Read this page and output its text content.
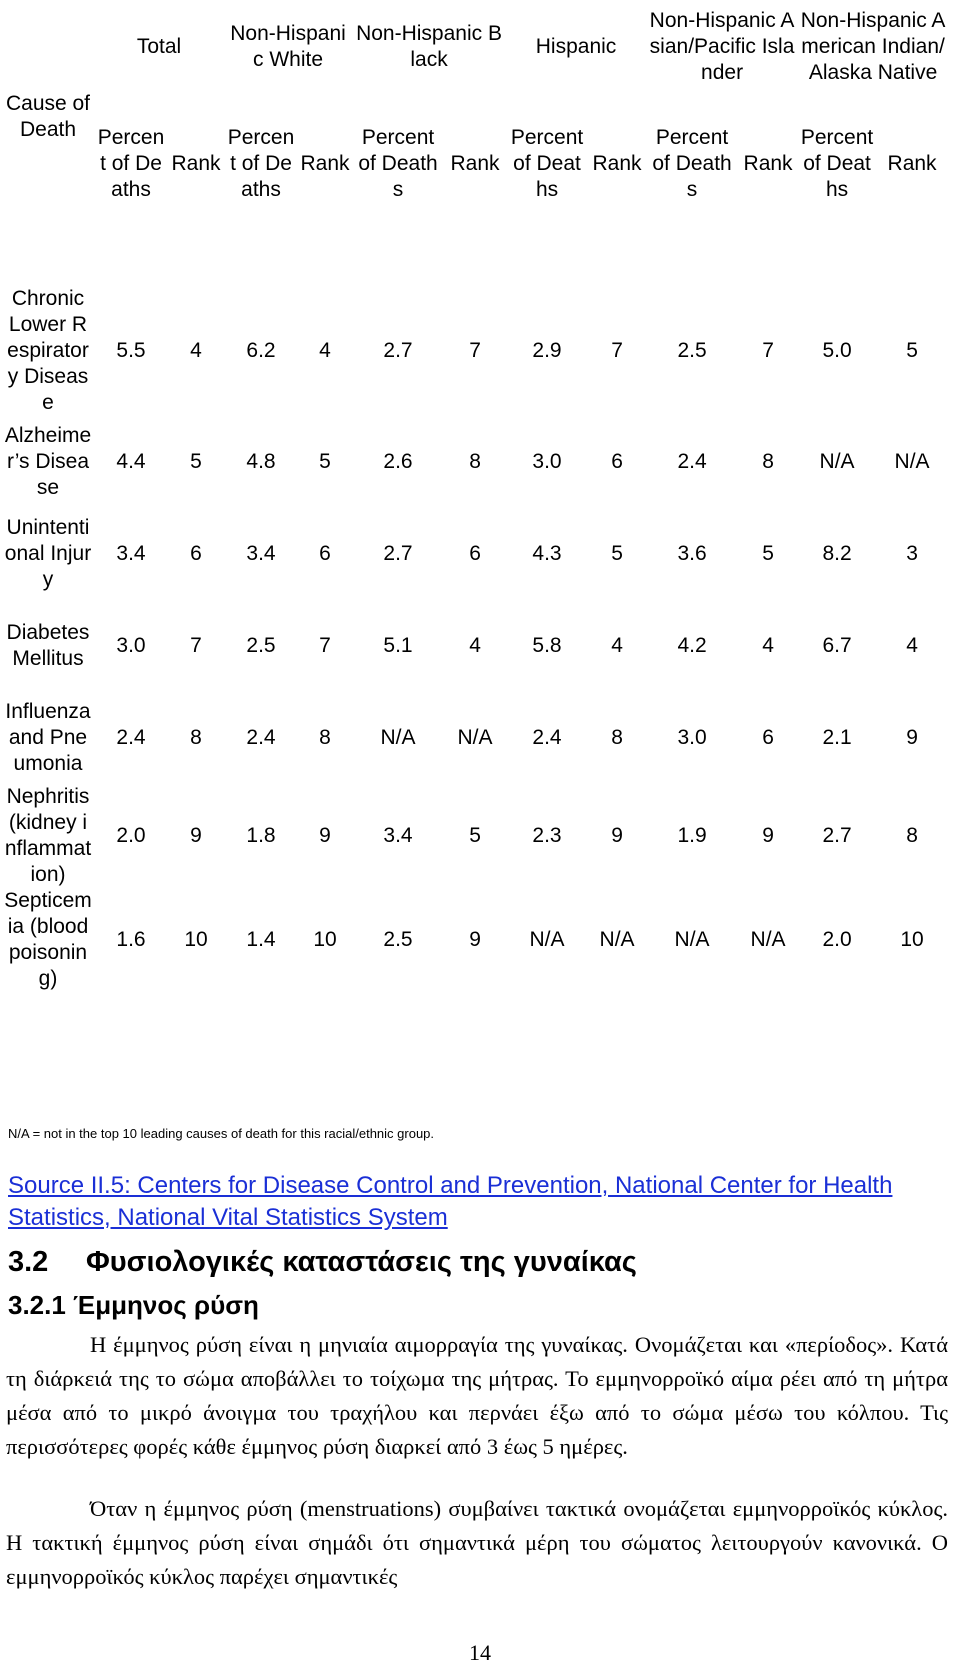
Cause of Death	Total		Non-Hispanic White		Non-Hispanic Black		Hispanic		Non-Hispanic Asian/Pacific Islander		Non-Hispanic American Indian/Alaska Native	
	Percent of Deaths	Rank	Percent of Deaths	Rank	Percent of Deaths	Rank	Percent of Deaths	Rank	Percent of Deaths	Rank	Percent of Deaths	Rank

Chronic Lower Respiratory Disease	5.5	4	6.2	4	2.7	7	2.9	7	2.5	7	5.0	5
Alzheimer’s Disease	4.4	5	4.8	5	2.6	8	3.0	6	2.4	8	N/A	N/A
Unintentional Injury	3.4	6	3.4	6	2.7	6	4.3	5	3.6	5	8.2	3
Diabetes Mellitus	3.0	7	2.5	7	5.1	4	5.8	4	4.2	4	6.7	4
Influenza and Pneumonia	2.4	8	2.4	8	N/A	N/A	2.4	8	3.0	6	2.1	9
Nephritis (kidney inflammation)	2.0	9	1.8	9	3.4	5	2.3	9	1.9	9	2.7	8
Septicemia (blood poisoning)	1.6	10	1.4	10	2.5	9	N/A	N/A	N/A	N/A	2.0	10
N/A = not in the top 10 leading causes of death for this racial/ethnic group.
Source II.5: Centers for Disease Control and Prevention, National Center for Health Statistics, National Vital Statistics System
3.2 Φυσιολογικές καταστάσεις της γυναίκας
3.2.1 Έμμηνος ρύση

Η έμμηνος ρύση είναι η μηνιαία αιμορραγία της γυναίκας. Ονομάζεται και «περίοδος». Κατά τη διάρκειά της το σώμα αποβάλλει το τοίχωμα της μήτρας. Το εμμηνορροϊκό αίμα ρέει από τη μήτρα μέσα από το μικρό άνοιγμα του τραχήλου και περνάει έξω από το σώμα μέσω του κόλπου. Τις περισσότερες φορές κάθε έμμηνος ρύση διαρκεί από 3 έως 5 ημέρες.

Όταν η έμμηνος ρύση (menstruations) συμβαίνει τακτικά ονομάζεται εμμηνορροϊκός κύκλος. Η τακτική έμμηνος ρύση είναι σημάδι ότι σημαντικά μέρη του σώματος λειτουργούν κανονικά. Ο εμμηνορροϊκός κύκλος παρέχει σημαντικές

14
